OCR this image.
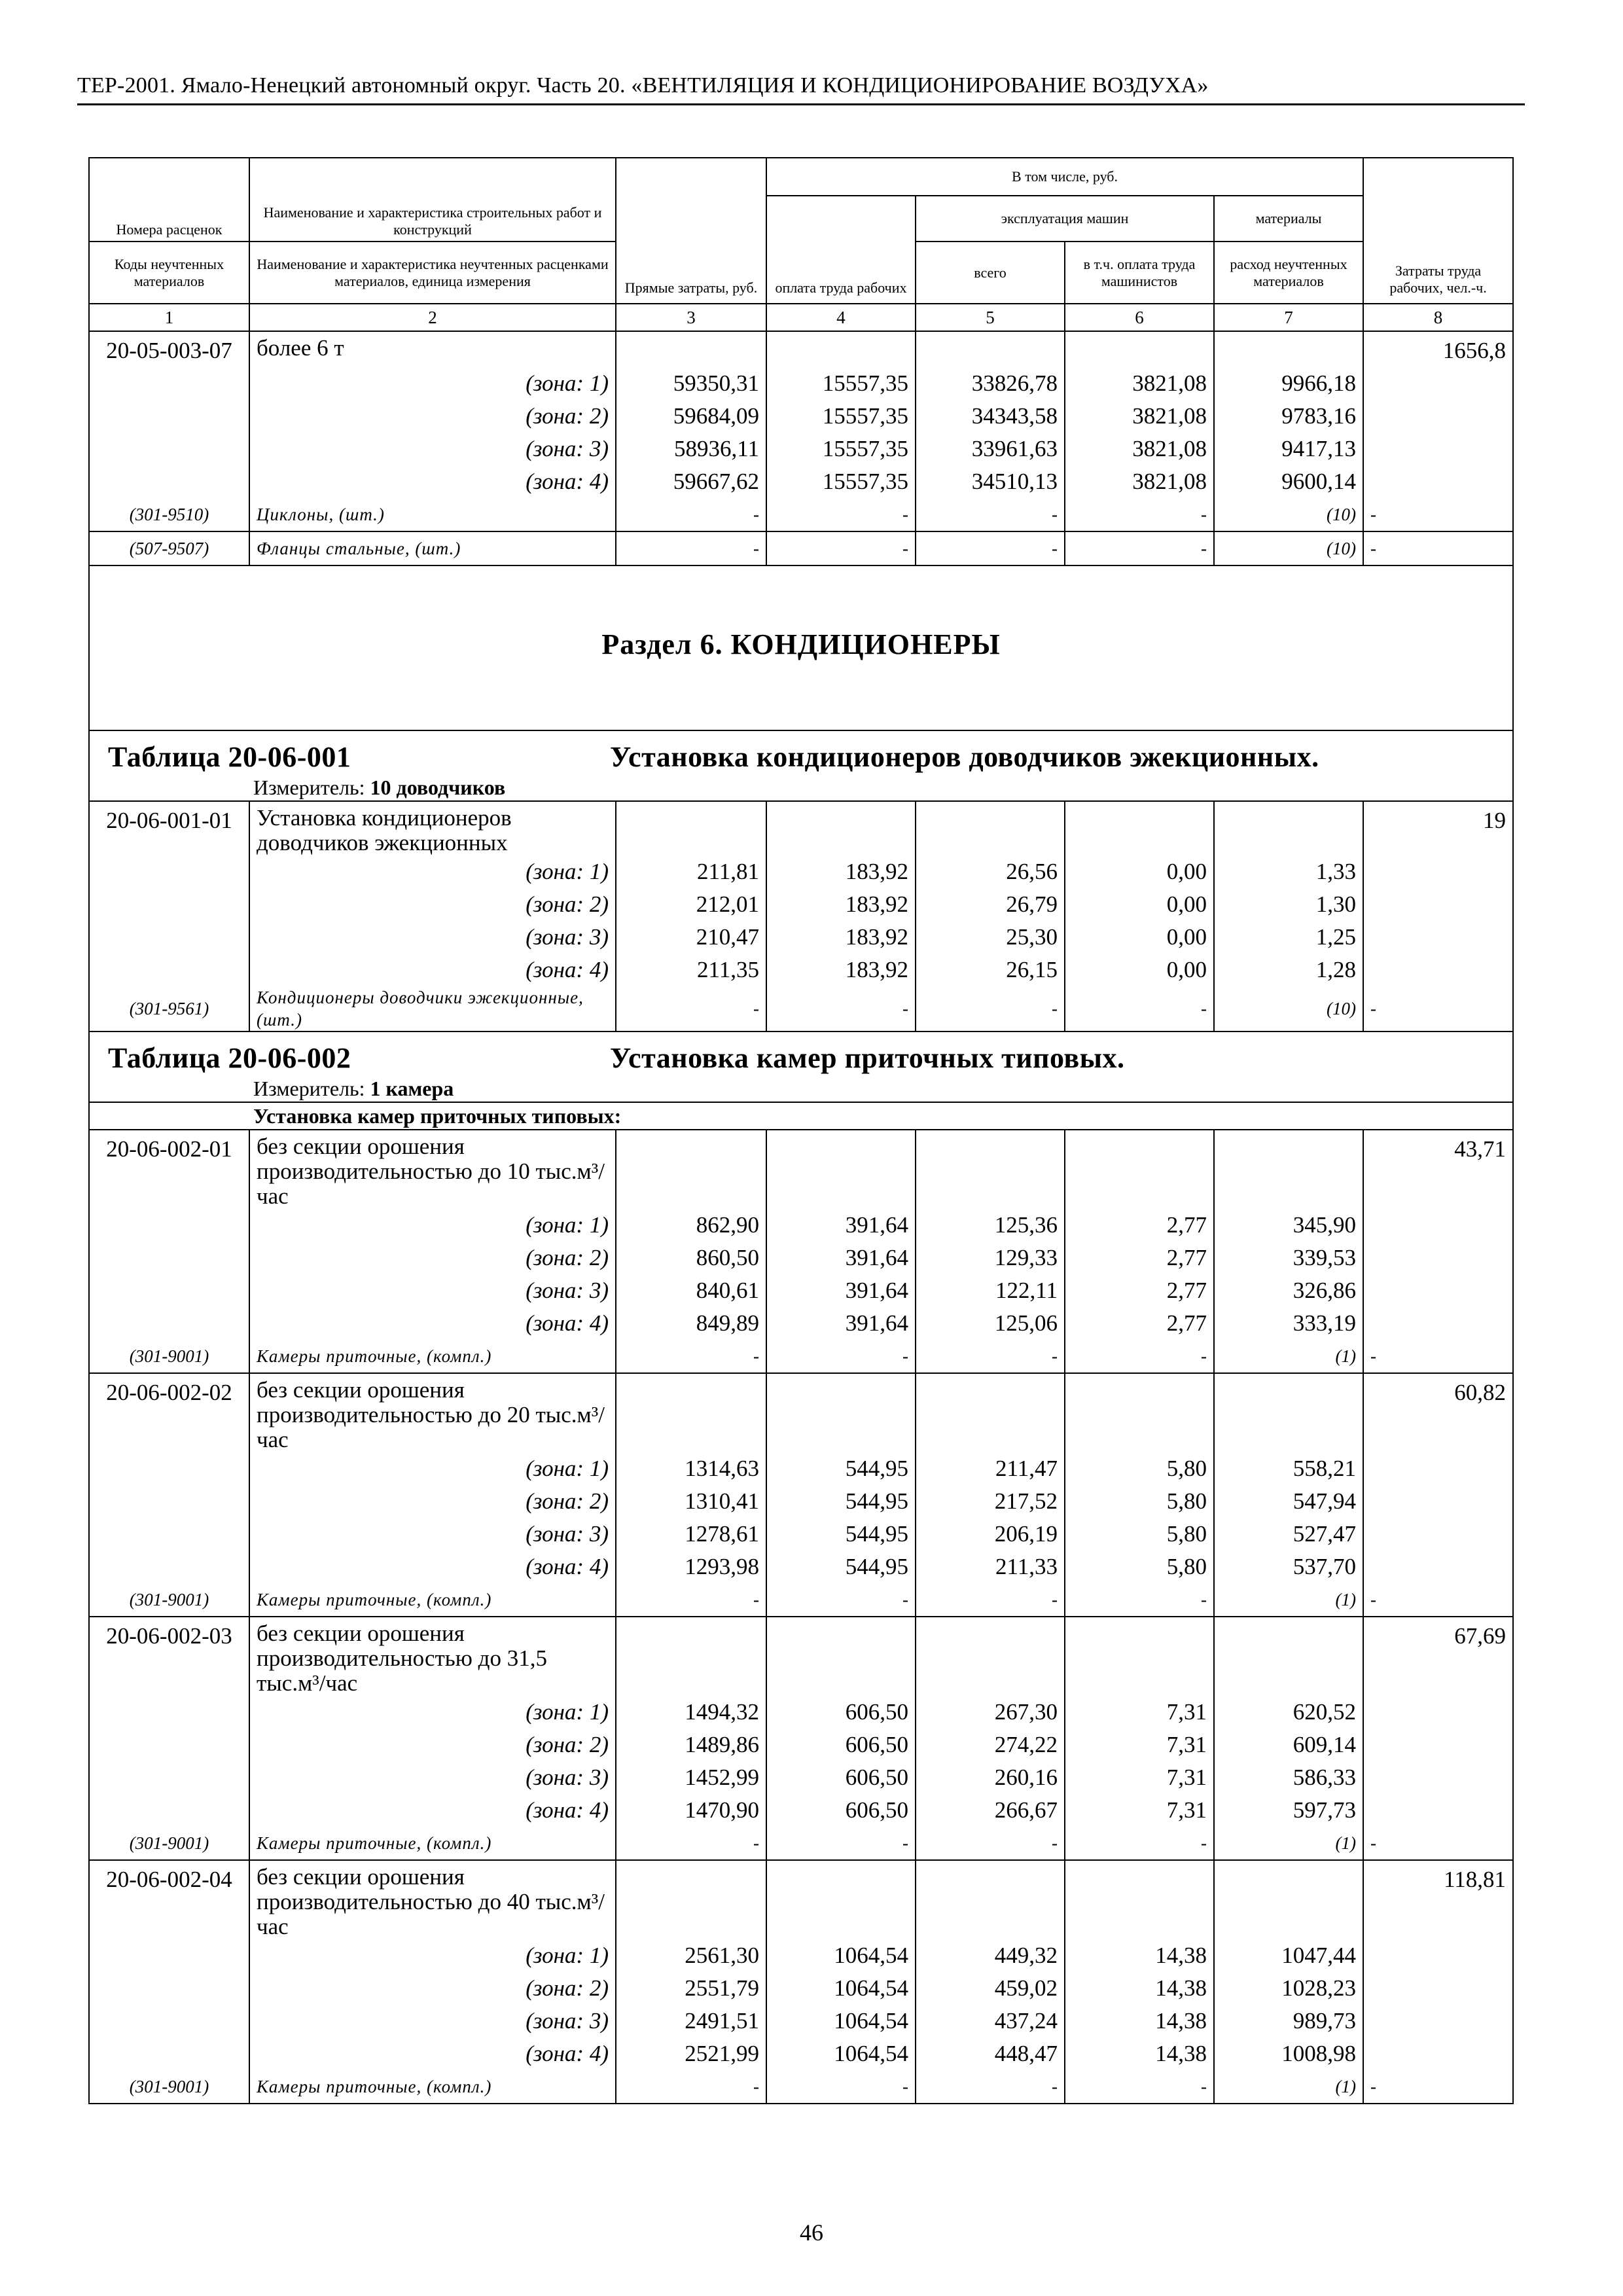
ТЕР-2001. Ямало-Ненецкий автономный округ. Часть 20. «ВЕНТИЛЯЦИЯ И КОНДИЦИОНИРОВАНИЕ ВОЗДУХА»
Номера расценок	Наименование и характеристика строительных работ и конструкций	Прямые затраты, руб.	В том числе, руб.				Затраты труда рабочих, чел.-ч.
			оплата труда рабочих	эксплуатация машин		материалы	
Коды неучтенных материалов	Наименование и характеристика неучтенных расценками материалов, единица измерения			всего	в т.ч. оплата труда машинистов	расход неучтенных материалов	
1	2	3	4	5	6	7	8
20-05-003-07	более 6 т						1656,8
	(зона: 1)	59350,31	15557,35	33826,78	3821,08	9966,18	
	(зона: 2)	59684,09	15557,35	34343,58	3821,08	9783,16	
	(зона: 3)	58936,11	15557,35	33961,63	3821,08	9417,13	
	(зона: 4)	59667,62	15557,35	34510,13	3821,08	9600,14	
(301-9510)	Циклоны, (шт.)	-	-	-	-	(10)	-
(507-9507)	Фланцы стальные, (шт.)	-	-	-	-	(10)	-
Раздел 6. КОНДИЦИОНЕРЫ							
Таблица 20-06-001 Установка кондиционеров доводчиков эжекционных.							
Измеритель: 10 доводчиков							
20-06-001-01	Установка кондиционеров доводчиков эжекционных						19
	(зона: 1)	211,81	183,92	26,56	0,00	1,33	
	(зона: 2)	212,01	183,92	26,79	0,00	1,30	
	(зона: 3)	210,47	183,92	25,30	0,00	1,25	
	(зона: 4)	211,35	183,92	26,15	0,00	1,28	
(301-9561)	Кондиционеры доводчики эжекционные, (шт.)	-	-	-	-	(10)	-
Таблица 20-06-002 Установка камер приточных типовых.							
Измеритель: 1 камера							
Установка камер приточных типовых:							
20-06-002-01	без секции орошения производительностью до 10 тыс.м³/час						43,71
	(зона: 1)	862,90	391,64	125,36	2,77	345,90	
	(зона: 2)	860,50	391,64	129,33	2,77	339,53	
	(зона: 3)	840,61	391,64	122,11	2,77	326,86	
	(зона: 4)	849,89	391,64	125,06	2,77	333,19	
(301-9001)	Камеры приточные, (компл.)	-	-	-	-	(1)	-
20-06-002-02	без секции орошения производительностью до 20 тыс.м³/час						60,82
	(зона: 1)	1314,63	544,95	211,47	5,80	558,21	
	(зона: 2)	1310,41	544,95	217,52	5,80	547,94	
	(зона: 3)	1278,61	544,95	206,19	5,80	527,47	
	(зона: 4)	1293,98	544,95	211,33	5,80	537,70	
(301-9001)	Камеры приточные, (компл.)	-	-	-	-	(1)	-
20-06-002-03	без секции орошения производительностью до 31,5 тыс.м³/час						67,69
	(зона: 1)	1494,32	606,50	267,30	7,31	620,52	
	(зона: 2)	1489,86	606,50	274,22	7,31	609,14	
	(зона: 3)	1452,99	606,50	260,16	7,31	586,33	
	(зона: 4)	1470,90	606,50	266,67	7,31	597,73	
(301-9001)	Камеры приточные, (компл.)	-	-	-	-	(1)	-
20-06-002-04	без секции орошения производительностью до 40 тыс.м³/час						118,81
	(зона: 1)	2561,30	1064,54	449,32	14,38	1047,44	
	(зона: 2)	2551,79	1064,54	459,02	14,38	1028,23	
	(зона: 3)	2491,51	1064,54	437,24	14,38	989,73	
	(зона: 4)	2521,99	1064,54	448,47	14,38	1008,98	
(301-9001)	Камеры приточные, (компл.)	-	-	-	-	(1)	-
46
